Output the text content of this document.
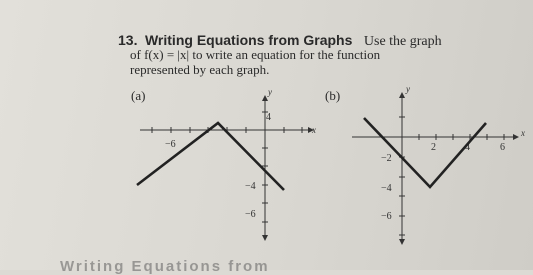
13. Writing Equations from Graphs Use the graph
of f(x) = |x| to write an equation for the function
represented by each graph.
(a)	(b)
−6
4
−4
−6
x
y
2	4	6
−2
−4
−6
x
y
Writing Equations from
